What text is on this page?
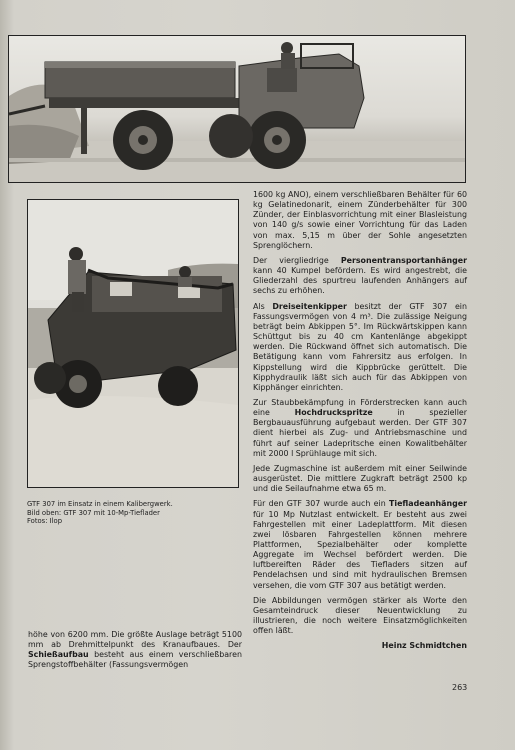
GTF 307 im Einsatz in einem Kalibergwerk.
Bild oben: GTF 307 mit 10-Mp-Tieflader
Fotos: Ilop

1600 kg ANO), einem verschließbaren Behälter für 60 kg Gelatinedonarit, einem Zünderbehälter für 300 Zünder, der Einblasvorrichtung mit einer Blasleistung von 140 g/s sowie einer Vorrichtung für das Laden von max. 5,15 m über der Sohle angesetzten Sprenglöchern.

Der viergliedrige Personentransportanhänger kann 40 Kumpel befördern. Es wird angestrebt, die Gliederzahl des spurtreu laufenden Anhängers auf sechs zu erhöhen.

Als Dreiseitenkipper besitzt der GTF 307 ein Fassungsvermögen von 4 m³. Die zulässige Neigung beträgt beim Abkippen 5°. Im Rückwärtskippen kann Schüttgut bis zu 40 cm Kantenlänge abgekippt werden. Die Rückwand öffnet sich automatisch. Die Betätigung kann vom Fahrersitz aus erfolgen. In Kippstellung wird die Kippbrücke gerüttelt. Die Kipphydraulik läßt sich auch für das Abkippen von Kipphänger einrichten.

Zur Staubbekämpfung in Förderstrecken kann auch eine Hochdruckspritze in spezieller Bergbauausführung aufgebaut werden. Der GTF 307 dient hierbei als Zug- und Antriebsmaschine und führt auf seiner Ladepritsche einen Kowalitbehälter mit 2000 l Sprühlauge mit sich.

Jede Zugmaschine ist außerdem mit einer Seilwinde ausgerüstet. Die mittlere Zugkraft beträgt 2500 kp und die Seilaufnahme etwa 65 m.

Für den GTF 307 wurde auch ein Tiefladeanhänger für 10 Mp Nutzlast entwickelt. Er besteht aus zwei Fahrgestellen mit einer Ladeplattform. Mit diesen zwei lösbaren Fahrgestellen können mehrere Plattformen, Spezialbehälter oder komplette Aggregate im Wechsel befördert werden. Die luftbereiften Räder des Tiefladers sitzen auf Pendelachsen und sind mit hydraulischen Bremsen versehen, die vom GTF 307 aus betätigt werden.

Die Abbildungen vermögen stärker als Worte den Gesamteindruck dieser Neuentwicklung zu illustrieren, die noch weitere Einsatzmöglichkeiten offen läßt.

Heinz Schmidtchen

höhe von 6200 mm. Die größte Auslage beträgt 5100 mm ab Drehmittelpunkt des Kranaufbaues. Der Schießaufbau besteht aus einem verschließbaren Sprengstoffbehälter (Fassungsvermögen

263
